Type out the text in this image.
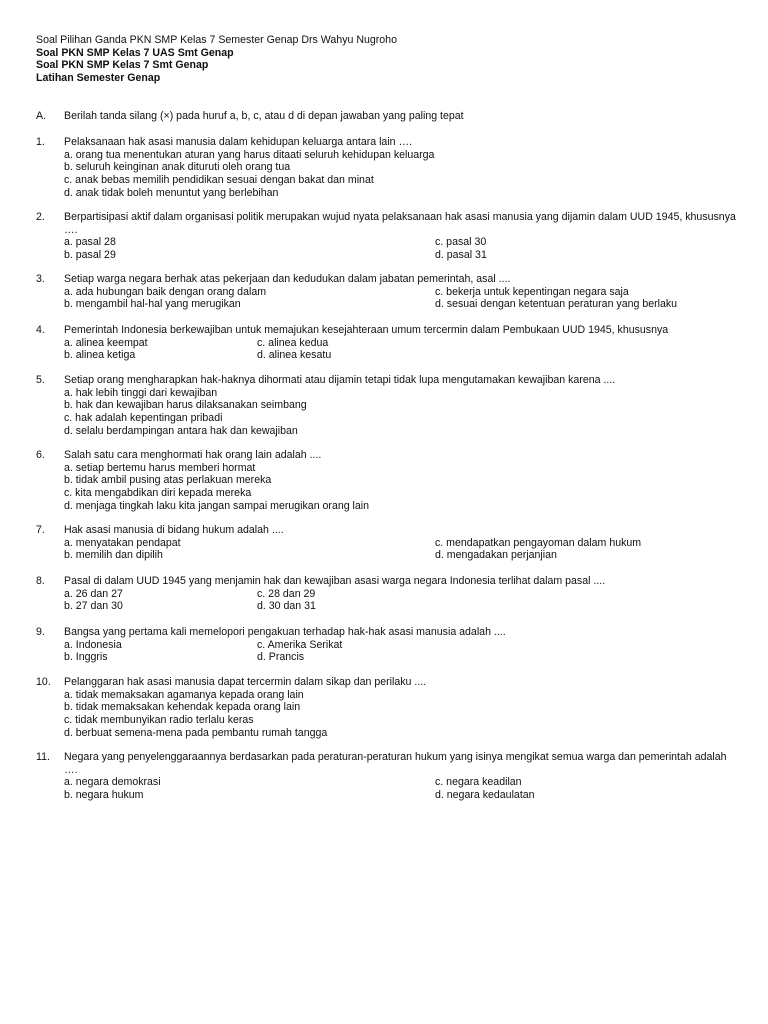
Soal Pilihan Ganda PKN SMP Kelas 7 Semester Genap Drs Wahyu Nugroho
Soal PKN SMP Kelas 7 UAS Smt Genap
Soal PKN SMP Kelas 7 Smt Genap
Latihan Semester Genap
A. Berilah tanda silang (×) pada huruf a, b, c, atau d di depan jawaban yang paling tepat
1. Pelaksanaan hak asasi manusia dalam kehidupan keluarga antara lain ….
a. orang tua menentukan aturan yang harus ditaati seluruh kehidupan keluarga
b. seluruh keinginan anak dituruti oleh orang tua
c. anak bebas memilih pendidikan sesuai dengan bakat dan minat
d. anak tidak boleh menuntut yang berlebihan
2. Berpartisipasi aktif dalam organisasi politik merupakan wujud nyata pelaksanaan hak asasi manusia yang dijamin dalam UUD 1945, khususnya ….
a. pasal 28	c. pasal 30
b. pasal 29	d. pasal 31
3. Setiap warga negara berhak atas pekerjaan dan kedudukan dalam jabatan pemerintah, asal ....
a. ada hubungan baik dengan orang dalam	c. bekerja untuk kepentingan negara saja
b. mengambil hal-hal yang merugikan	d. sesuai dengan ketentuan peraturan yang berlaku
4. Pemerintah Indonesia berkewajiban untuk memajukan kesejahteraan umum tercermin dalam Pembukaan UUD 1945, khususnya
a. alinea keempat	c. alinea kedua
b. alinea ketiga	d. alinea kesatu
5. Setiap orang mengharapkan hak-haknya dihormati atau dijamin tetapi tidak lupa mengutamakan kewajiban karena ....
a. hak lebih tinggi dari kewajiban
b. hak dan kewajiban harus dilaksanakan seimbang
c. hak adalah kepentingan pribadi
d. selalu berdampingan antara hak dan kewajiban
6. Salah satu cara menghormati hak orang lain adalah ....
a. setiap bertemu harus memberi hormat
b. tidak ambil pusing atas perlakuan mereka
c. kita mengabdikan diri kepada mereka
d. menjaga tingkah laku kita jangan sampai merugikan orang lain
7. Hak asasi manusia di bidang hukum adalah ....
a. menyatakan pendapat	c. mendapatkan pengayoman dalam hukum
b. memilih dan dipilih	d. mengadakan perjanjian
8. Pasal di dalam UUD 1945 yang menjamin hak dan kewajiban asasi warga negara Indonesia terlihat dalam pasal ....
a. 26 dan 27	c. 28 dan 29
b. 27 dan 30	d. 30 dan 31
9. Bangsa yang pertama kali memelopori pengakuan terhadap hak-hak asasi manusia adalah ....
a. Indonesia	c. Amerika Serikat
b. Inggris	d. Prancis
10. Pelanggaran hak asasi manusia dapat tercermin dalam sikap dan perilaku ....
a. tidak memaksakan agamanya kepada orang lain
b. tidak memaksakan kehendak kepada orang lain
c. tidak membunyikan radio terlalu keras
d. berbuat semena-mena pada pembantu rumah tangga
11. Negara yang penyelenggaraannya berdasarkan pada peraturan-peraturan hukum yang isinya mengikat semua warga dan pemerintah adalah ….
a. negara demokrasi	c. negara keadilan
b. negara hukum	d. negara kedaulatan
